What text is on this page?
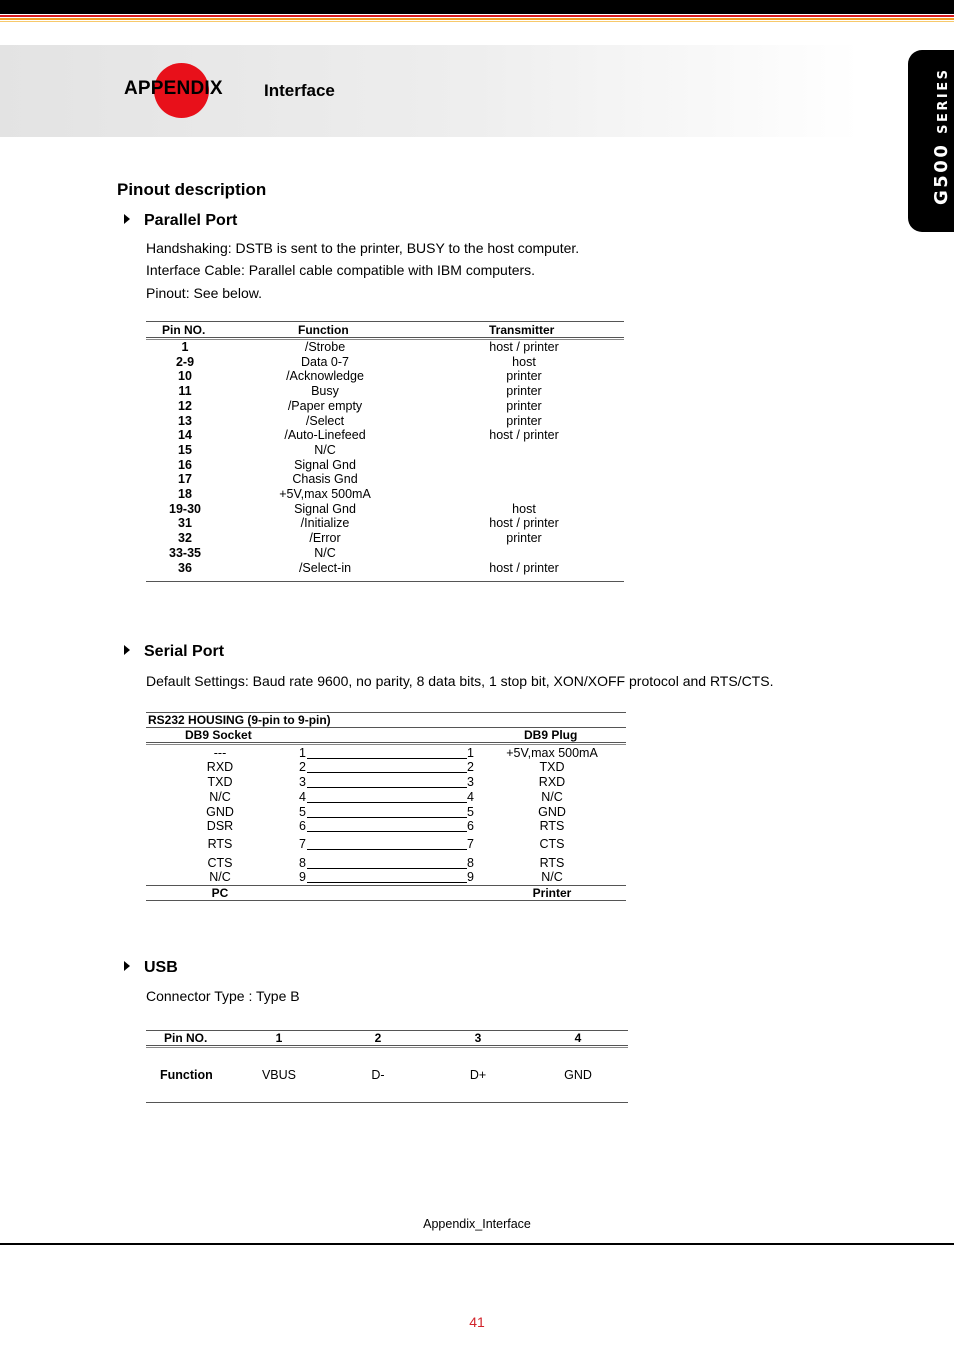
APPENDIX Interface
G500 SERIES
Pinout description
Parallel Port
Handshaking: DSTB is sent to the printer, BUSY to the host computer.
Interface Cable: Parallel cable compatible with IBM computers.
Pinout: See below.
Pin NO.	Function	Transmitter
1	/Strobe	host / printer
2-9	Data 0-7	host
10	/Acknowledge	printer
11	Busy	printer
12	/Paper empty	printer
13	/Select	printer
14	/Auto-Linefeed	host / printer
15	N/C
16	Signal Gnd
17	Chasis Gnd
18	+5V,max 500mA
19-30	Signal Gnd	host
31	/Initialize	host / printer
32	/Error	printer
33-35	N/C
36	/Select-in	host / printer
Serial Port
Default Settings: Baud rate 9600, no parity, 8 data bits, 1 stop bit, XON/XOFF protocol and RTS/CTS.
RS232 HOUSING (9-pin to 9-pin)
DB9 Socket	DB9 Plug
---	1	1	+5V,max 500mA
RXD	2	2	TXD
TXD	3	3	RXD
N/C	4	4	N/C
GND	5	5	GND
DSR	6	6	RTS
RTS	7	7	CTS
CTS	8	8	RTS
N/C	9	9	N/C
PC	Printer
USB
Connector Type : Type B
Pin NO.	1	2	3	4
Function	VBUS	D-	D+	GND
Appendix_Interface
41
